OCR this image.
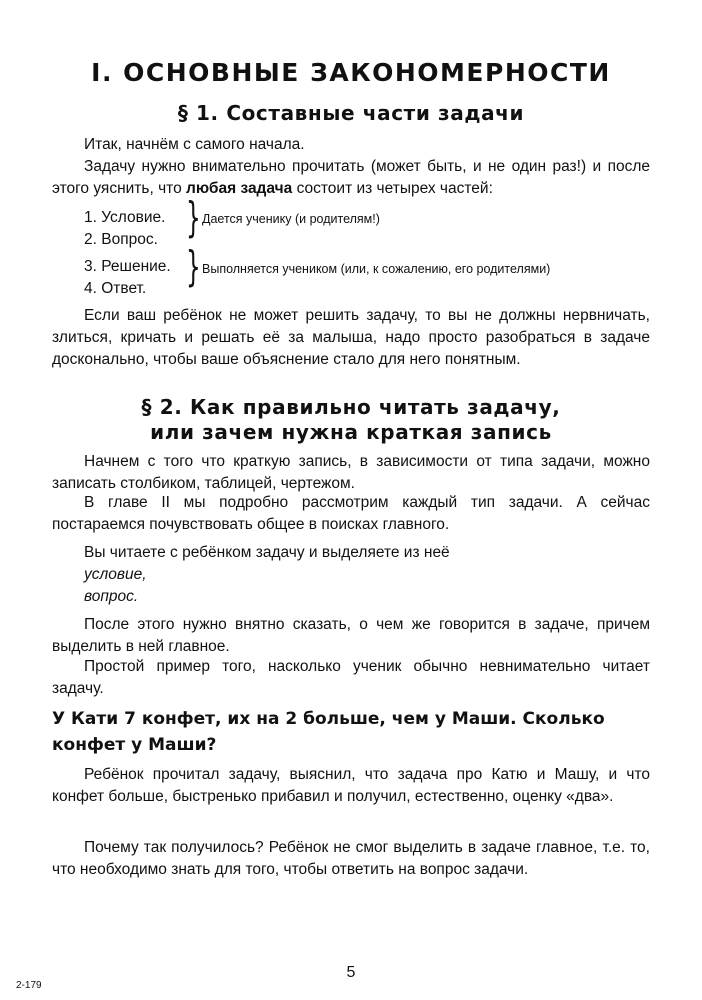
I. ОСНОВНЫЕ ЗАКОНОМЕРНОСТИ
§ 1. Составные части задачи

Итак, начнём с самого начала.

Задачу нужно внимательно прочитать (может быть, и не один раз!) и после этого уяснить, что любая задача состоит из четырех частей:

1. Условие.
2. Вопрос. } Дается ученику (и родителям!)
3. Решение.
4. Ответ. } Выполняется учеником (или, к сожалению, его родителями)

Если ваш ребёнок не может решить задачу, то вы не должны нервничать, злиться, кричать и решать её за малыша, надо просто разобраться в задаче досконально, чтобы ваше объяснение стало для него понятным.

§ 2. Как правильно читать задачу,
или зачем нужна краткая запись

Начнем с того что краткую запись, в зависимости от типа задачи, можно записать столбиком, таблицей, чертежом.

В главе II мы подробно рассмотрим каждый тип задачи. А сейчас постараемся почувствовать общее в поисках главного.

Вы читаете с ребёнком задачу и выделяете из неё

условие,

вопрос.

После этого нужно внятно сказать, о чем же говорится в задаче, причем выделить в ней главное.

Простой пример того, насколько ученик обычно невнимательно читает задачу.

У Кати 7 конфет, их на 2 больше, чем у Маши. Сколько конфет у Маши?

Ребёнок прочитал задачу, выяснил, что задача про Катю и Машу, и что конфет больше, быстренько прибавил и получил, естественно, оценку «два».

Почему так получилось? Ребёнок не смог выделить в задаче главное, т.е. то, что необходимо знать для того, чтобы ответить на вопрос задачи.

5
2-179
